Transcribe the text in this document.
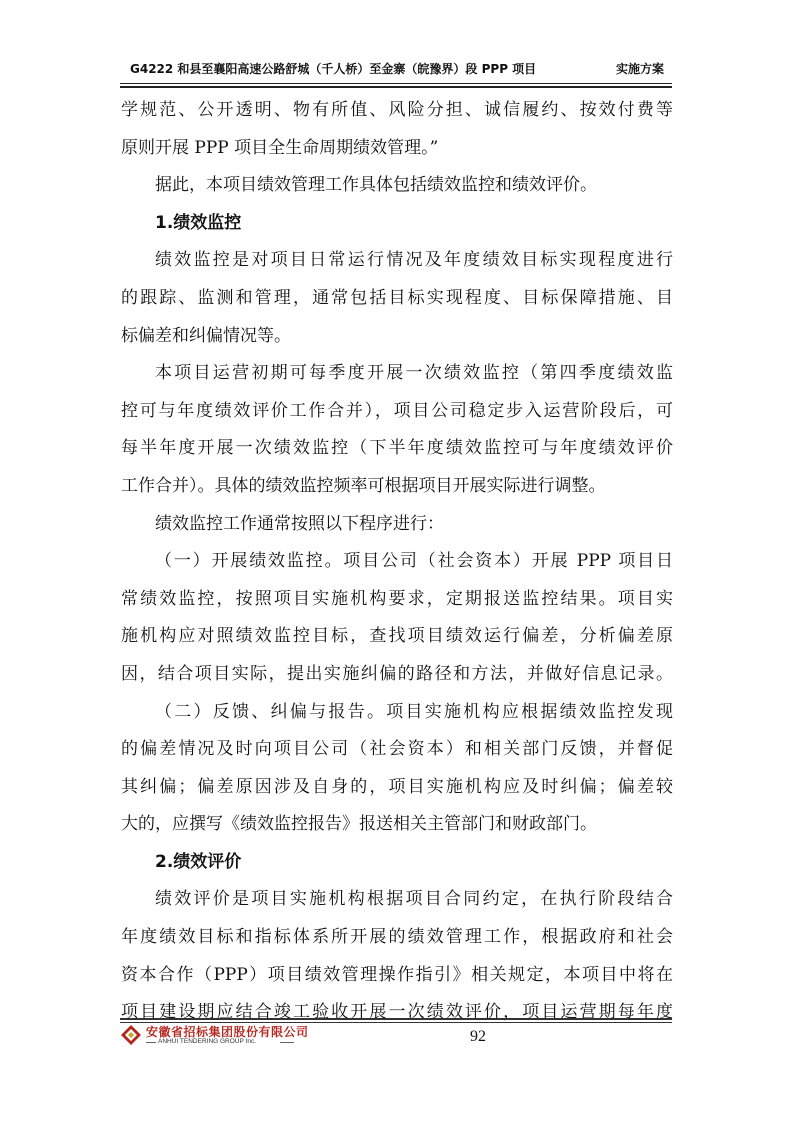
G4222 和县至襄阳高速公路舒城（千人桥）至金寨（皖豫界）段 PPP 项目	实施方案
学规范、公开透明、物有所值、风险分担、诚信履约、按效付费等
原则开展 PPP 项目全生命周期绩效管理。”
据此，本项目绩效管理工作具体包括绩效监控和绩效评价。
1.绩效监控
绩效监控是对项目日常运行情况及年度绩效目标实现程度进行
的跟踪、监测和管理，通常包括目标实现程度、目标保障措施、目
标偏差和纠偏情况等。
本项目运营初期可每季度开展一次绩效监控（第四季度绩效监
控可与年度绩效评价工作合并），项目公司稳定步入运营阶段后，可
每半年度开展一次绩效监控（下半年度绩效监控可与年度绩效评价
工作合并）。具体的绩效监控频率可根据项目开展实际进行调整。
绩效监控工作通常按照以下程序进行：
（一）开展绩效监控。项目公司（社会资本）开展 PPP 项目日
常绩效监控，按照项目实施机构要求，定期报送监控结果。项目实
施机构应对照绩效监控目标，查找项目绩效运行偏差，分析偏差原
因，结合项目实际，提出实施纠偏的路径和方法，并做好信息记录。
（二）反馈、纠偏与报告。项目实施机构应根据绩效监控发现
的偏差情况及时向项目公司（社会资本）和相关部门反馈，并督促
其纠偏；偏差原因涉及自身的，项目实施机构应及时纠偏；偏差较
大的，应撰写《绩效监控报告》报送相关主管部门和财政部门。
2.绩效评价
绩效评价是项目实施机构根据项目合同约定，在执行阶段结合
年度绩效目标和指标体系所开展的绩效管理工作，根据政府和社会
资本合作（PPP）项目绩效管理操作指引》相关规定，本项目中将在
项目建设期应结合竣工验收开展一次绩效评价，项目运营期每年度
安徽省招标集团股份有限公司
ANHUI TENDERING GROUP Inc.	92
